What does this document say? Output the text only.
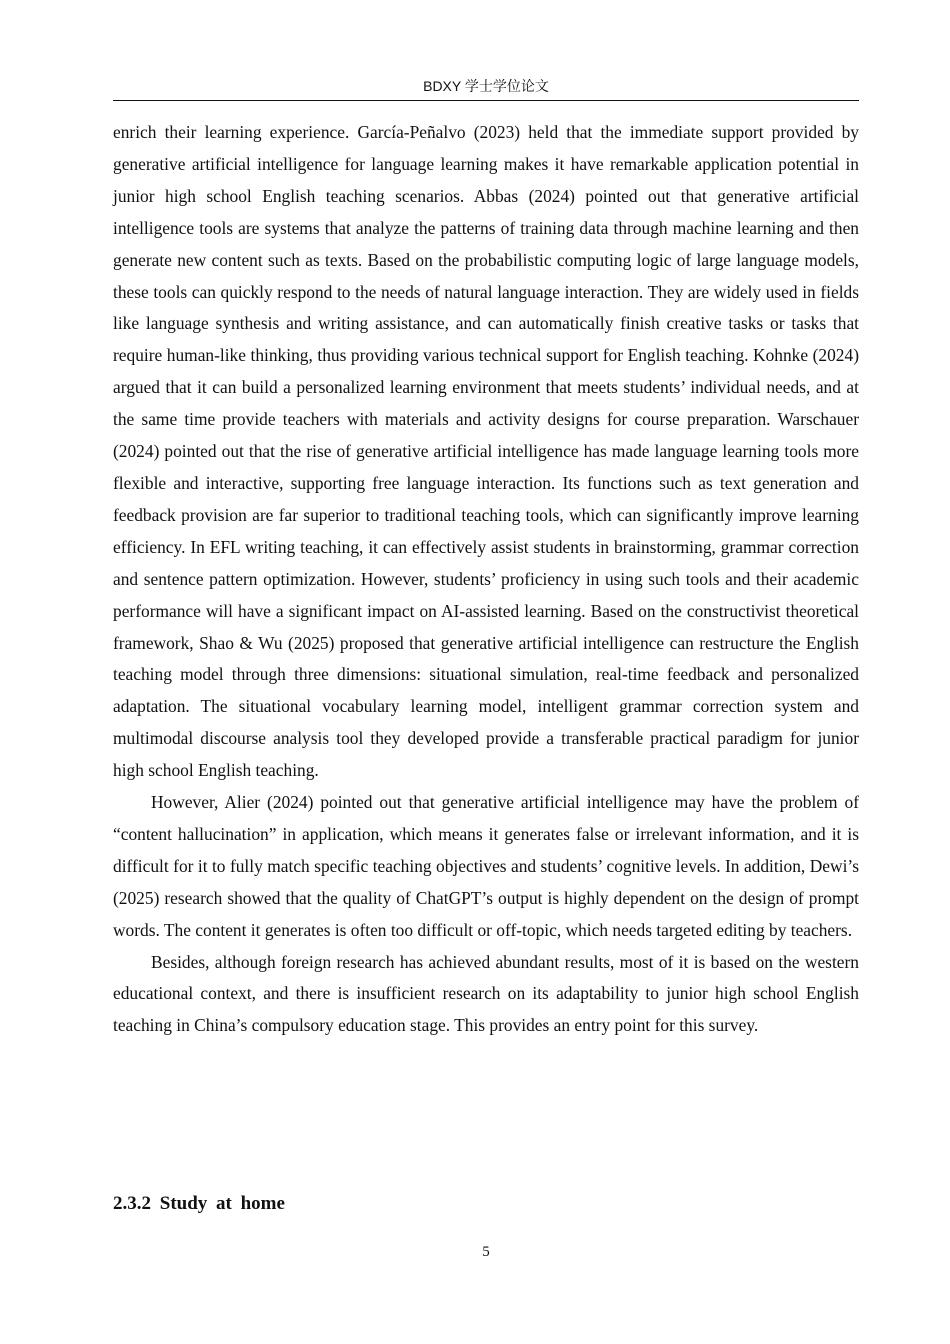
BDXY 学士学位论文

enrich their learning experience. García-Peñalvo (2023) held that the immediate support provided by generative artificial intelligence for language learning makes it have remarkable application potential in junior high school English teaching scenarios. Abbas (2024) pointed out that generative artificial intelligence tools are systems that analyze the patterns of training data through machine learning and then generate new content such as texts. Based on the probabilistic computing logic of large language models, these tools can quickly respond to the needs of natural language interaction. They are widely used in fields like language synthesis and writing assistance, and can automatically finish creative tasks or tasks that require human-like thinking, thus providing various technical support for English teaching. Kohnke (2024) argued that it can build a personalized learning environment that meets students’ individual needs, and at the same time provide teachers with materials and activity designs for course preparation. Warschauer (2024) pointed out that the rise of generative artificial intelligence has made language learning tools more flexible and interactive, supporting free language interaction. Its functions such as text generation and feedback provision are far superior to traditional teaching tools, which can significantly improve learning efficiency. In EFL writing teaching, it can effectively assist students in brainstorming, grammar correction and sentence pattern optimization. However, students’ proficiency in using such tools and their academic performance will have a significant impact on AI-assisted learning. Based on the constructivist theoretical framework, Shao & Wu (2025) proposed that generative artificial intelligence can restructure the English teaching model through three dimensions: situational simulation, real-time feedback and personalized adaptation. The situational vocabulary learning model, intelligent grammar correction system and multimodal discourse analysis tool they developed provide a transferable practical paradigm for junior high school English teaching.

However, Alier (2024) pointed out that generative artificial intelligence may have the problem of “content hallucination” in application, which means it generates false or irrelevant information, and it is difficult for it to fully match specific teaching objectives and students’ cognitive levels. In addition, Dewi’s (2025) research showed that the quality of ChatGPT’s output is highly dependent on the design of prompt words. The content it generates is often too difficult or off-topic, which needs targeted editing by teachers.

Besides, although foreign research has achieved abundant results, most of it is based on the western educational context, and there is insufficient research on its adaptability to junior high school English teaching in China’s compulsory education stage. This provides an entry point for this survey.

2.3.2 Study at home
5
